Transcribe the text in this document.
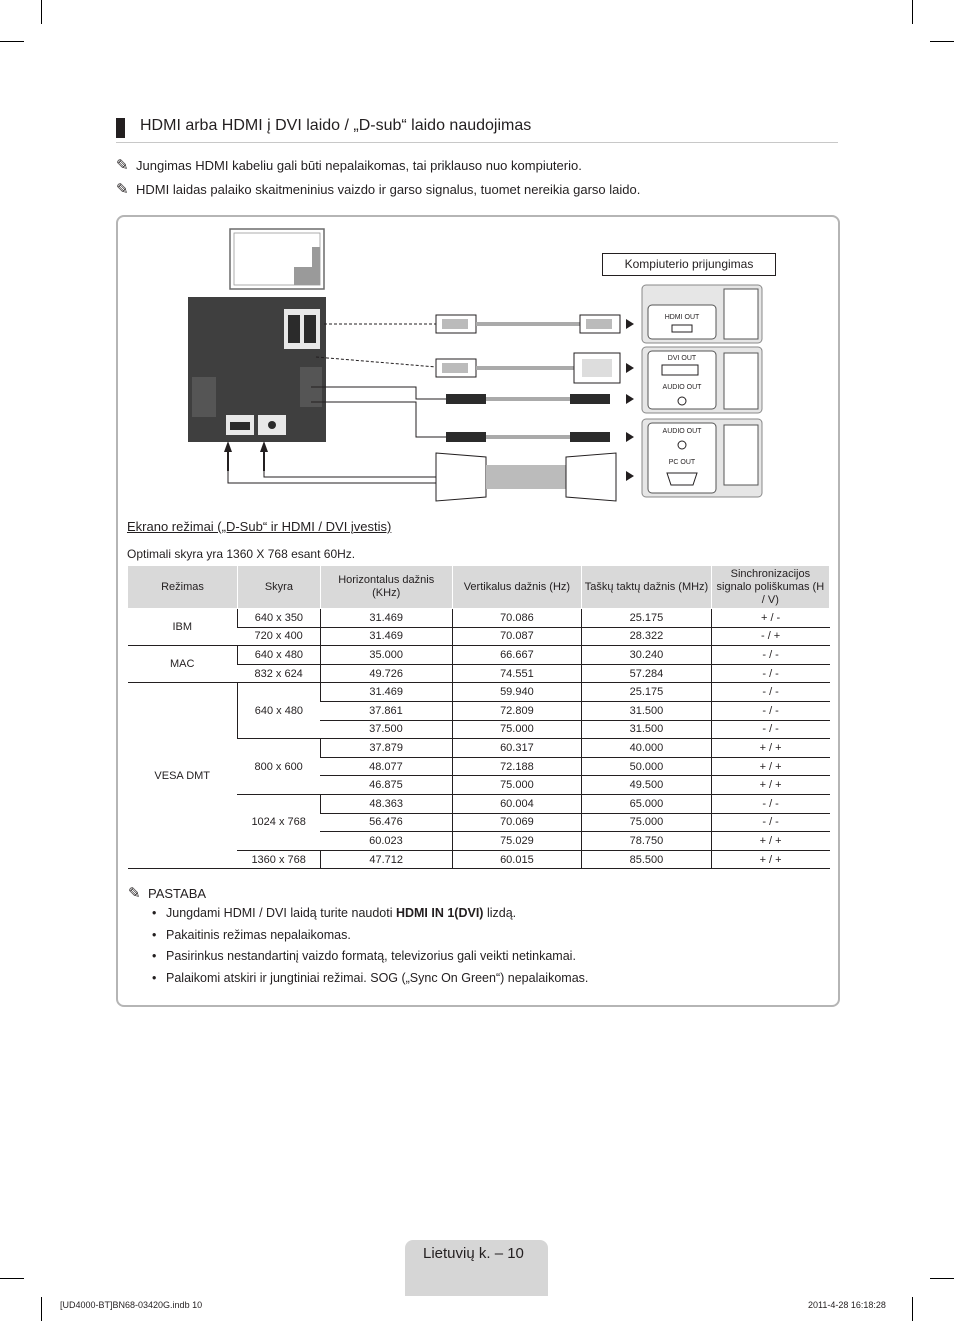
HDMI arba HDMI į DVI laido / „D-sub“ laido naudojimas
✎ Jungimas HDMI kabeliu gali būti nepalaikomas, tai priklauso nuo kompiuterio.
✎ HDMI laidas palaiko skaitmeninius vaizdo ir garso signalus, tuomet nereikia garso laido.
HDMI OUT
DVI OUT
AUDIO OUT
AUDIO OUT
PC OUT
Kompiuterio prijungimas
Ekrano režimai („D-Sub“ ir HDMI / DVI įvestis)
Optimali skyra yra 1360 X 768 esant 60Hz.
Režimas	Skyra	Horizontalus dažnis (KHz)	Vertikalus dažnis (Hz)	Taškų taktų dažnis (MHz)	Sinchronizacijos signalo poliškumas (H / V)
IBM	640 x 350	31.469	70.086	25.175	+ / -
	720 x 400	31.469	70.087	28.322	- / +
MAC	640 x 480	35.000	66.667	30.240	- / -
	832 x 624	49.726	74.551	57.284	- / -
VESA DMT	640 x 480	31.469	59.940	25.175	- / -
		37.861	72.809	31.500	- / -
		37.500	75.000	31.500	- / -
	800 x 600	37.879	60.317	40.000	+ / +
		48.077	72.188	50.000	+ / +
		46.875	75.000	49.500	+ / +
	1024 x 768	48.363	60.004	65.000	- / -
		56.476	70.069	75.000	- / -
		60.023	75.029	78.750	+ / +
	1360 x 768	47.712	60.015	85.500	+ / +
✎ PASTABA
• Jungdami HDMI / DVI laidą turite naudoti HDMI IN 1(DVI) lizdą.
• Pakaitinis režimas nepalaikomas.
• Pasirinkus nestandartinį vaizdo formatą, televizorius gali veikti netinkamai.
• Palaikomi atskiri ir jungtiniai režimai. SOG („Sync On Green“) nepalaikomas.
Lietuvių k. – 10
[UD4000-BT]BN68-03420G.indb 10	2011-4-28 16:18:28
